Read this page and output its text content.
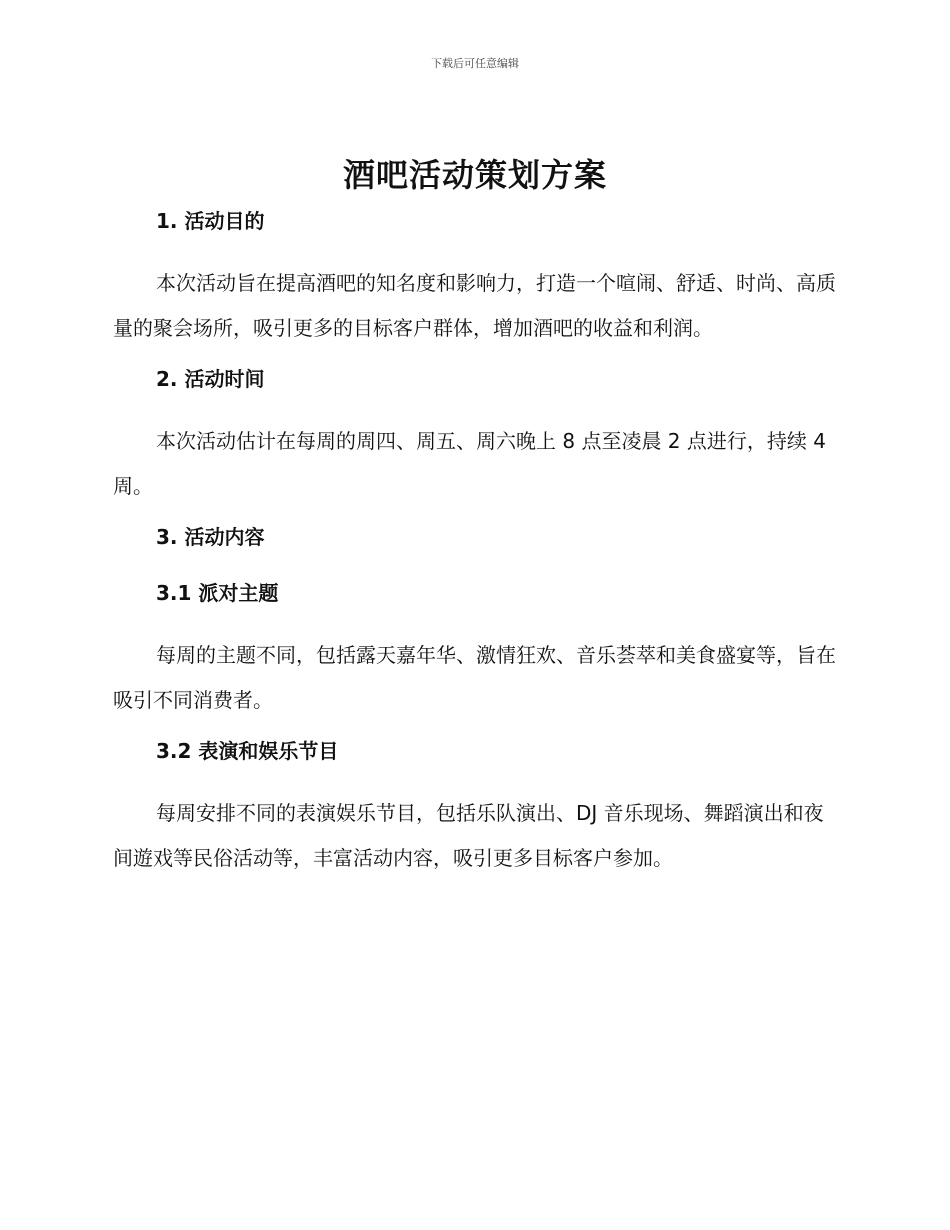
下载后可任意编辑
酒吧活动策划方案
1. 活动目的

本次活动旨在提高酒吧的知名度和影响力，打造一个喧闹、舒适、时尚、高质量的聚会场所，吸引更多的目标客户群体，增加酒吧的收益和利润。

2. 活动时间

本次活动估计在每周的周四、周五、周六晚上 8 点至凌晨 2 点进行，持续 4 周。

3. 活动内容
3.1 派对主题

每周的主题不同，包括露天嘉年华、激情狂欢、音乐荟萃和美食盛宴等，旨在吸引不同消费者。

3.2 表演和娱乐节目

每周安排不同的表演娱乐节目，包括乐队演出、DJ 音乐现场、舞蹈演出和夜间遊戏等民俗活动等，丰富活动内容，吸引更多目标客户参加。
